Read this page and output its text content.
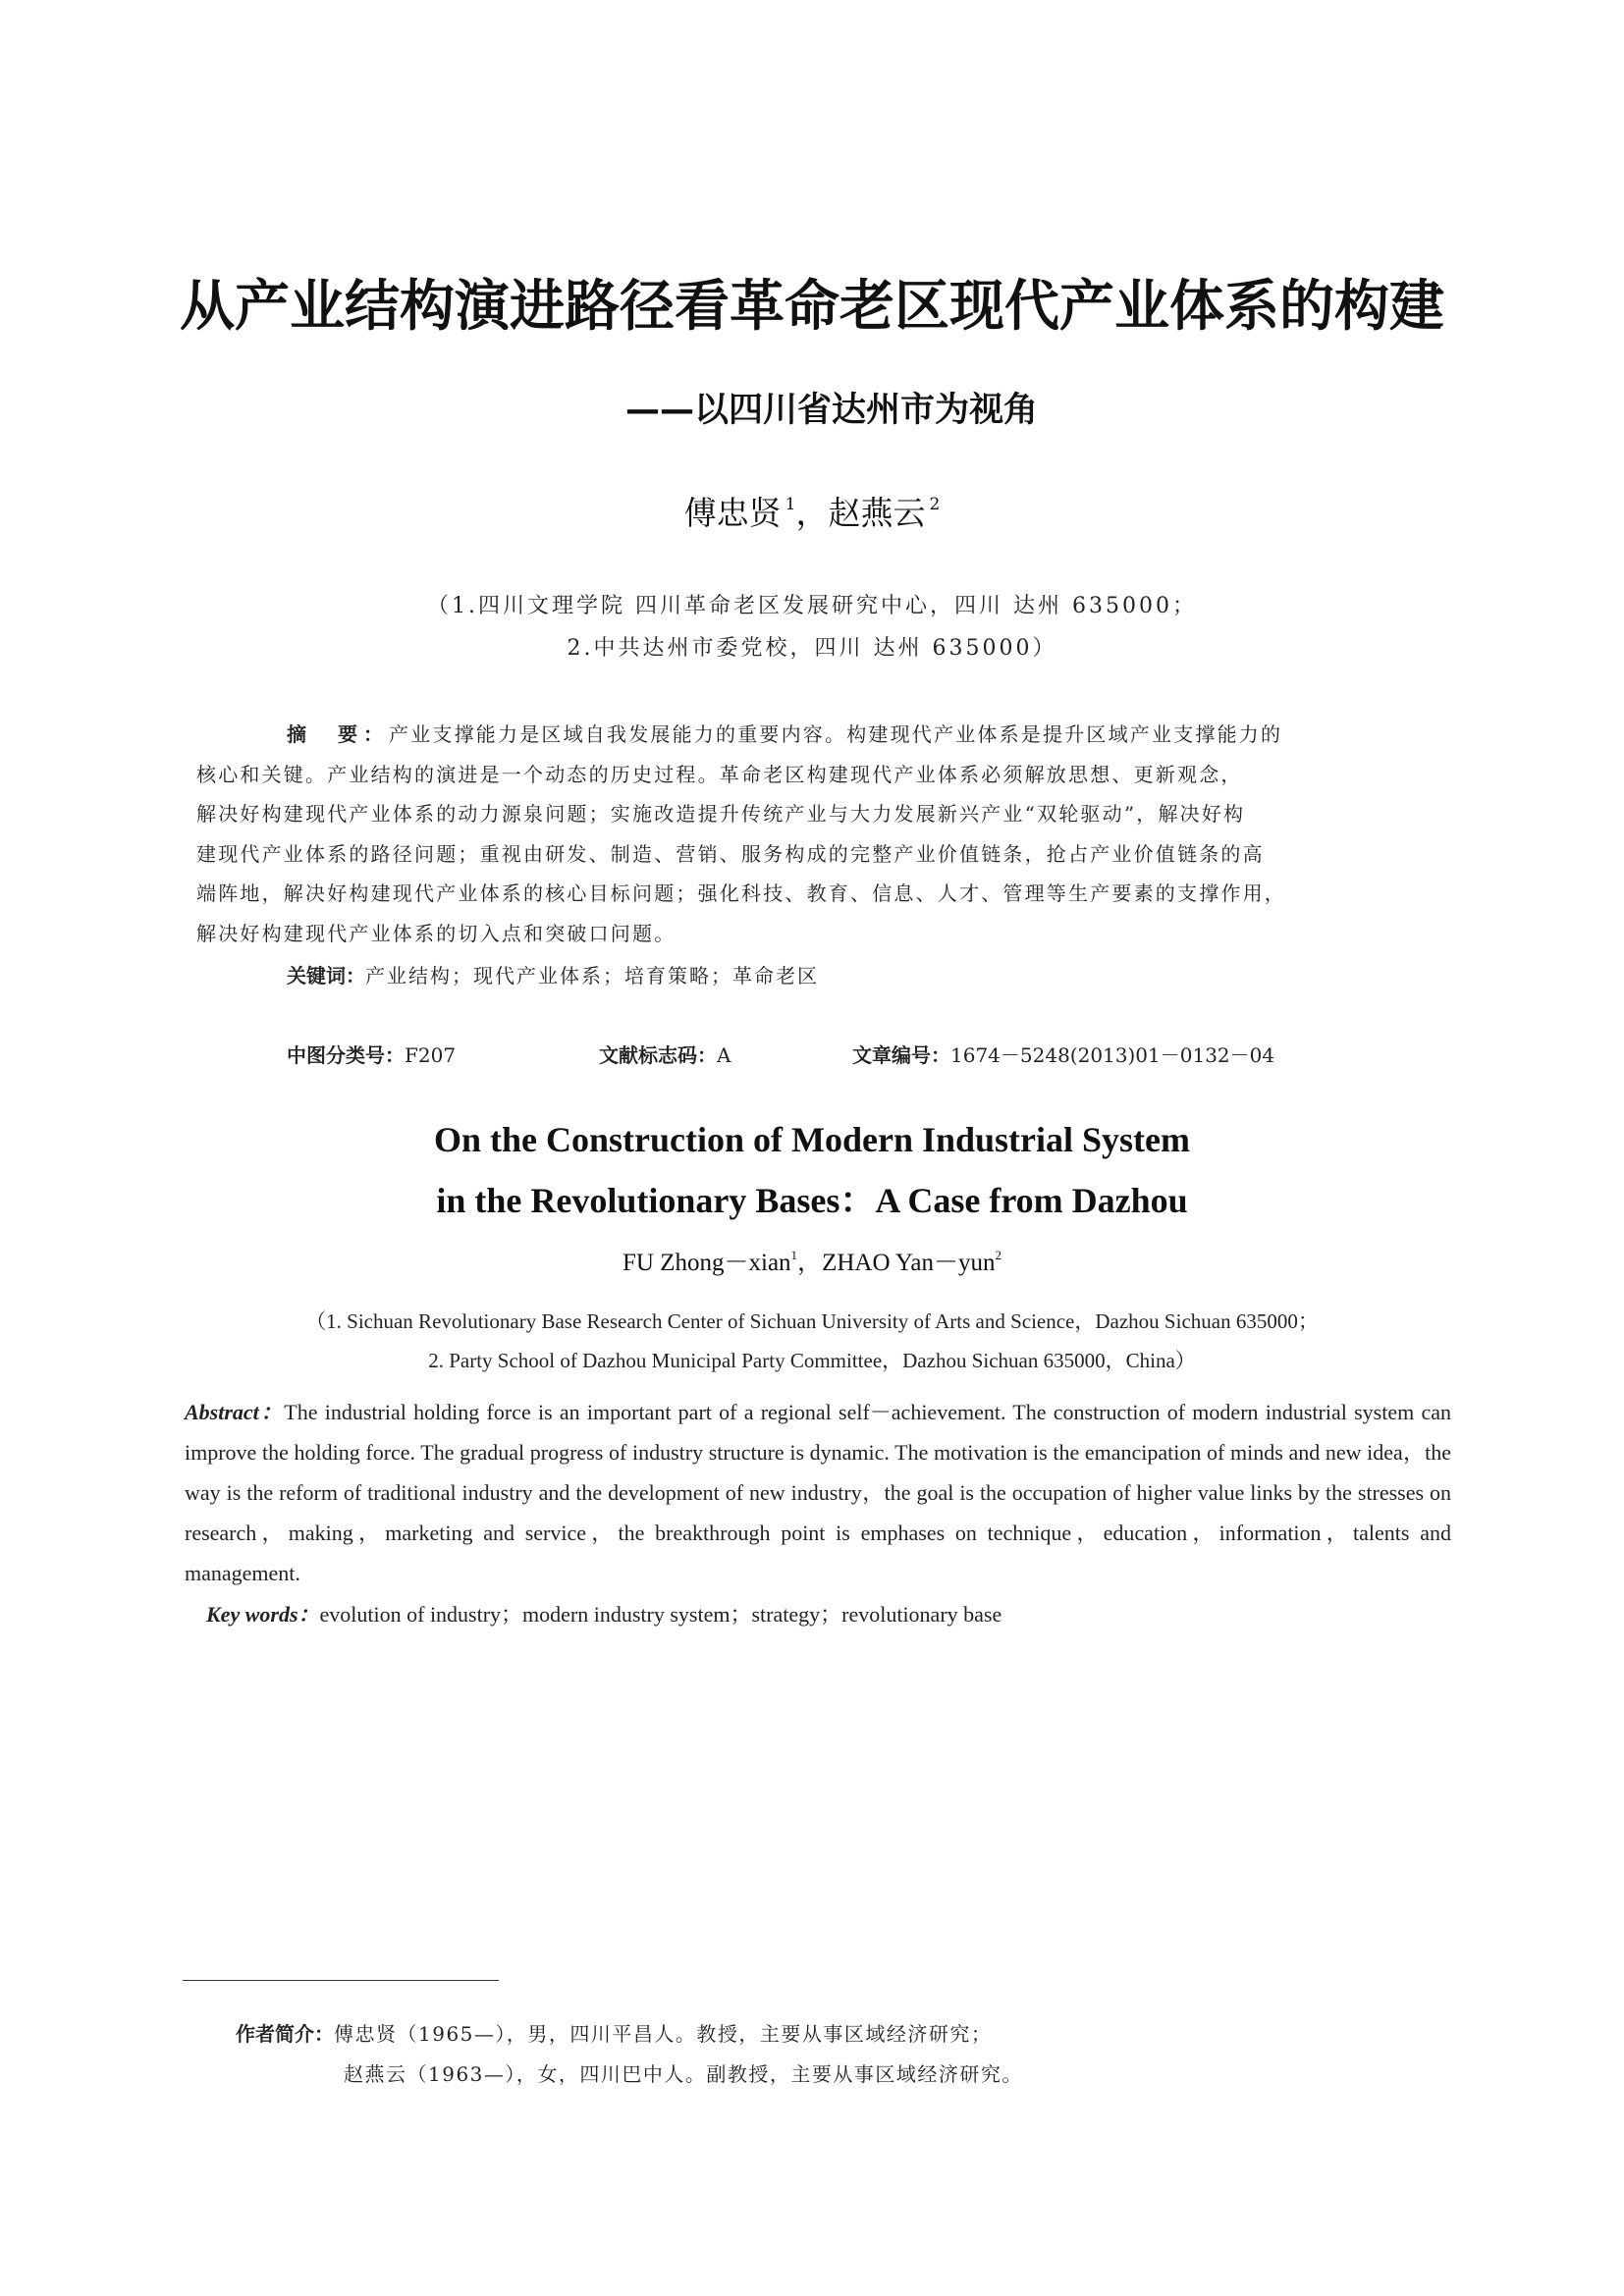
从产业结构演进路径看革命老区现代产业体系的构建
——以四川省达州市为视角
傅忠贤 $^1$，赵燕云 $^2$
（1.四川文理学院 四川革命老区发展研究中心，四川 达州 635000；
2.中共达州市委党校，四川 达州 635000）
摘　要：产业支撑能力是区域自我发展能力的重要内容。构建现代产业体系是提升区域产业支撑能力的
核心和关键。产业结构的演进是一个动态的历史过程。革命老区构建现代产业体系必须解放思想、更新观念，
解决好构建现代产业体系的动力源泉问题；实施改造提升传统产业与大力发展新兴产业“双轮驱动”，解决好构
建现代产业体系的路径问题；重视由研发、制造、营销、服务构成的完整产业价值链条，抢占产业价值链条的高
端阵地，解决好构建现代产业体系的核心目标问题；强化科技、教育、信息、人才、管理等生产要素的支撑作用，
解决好构建现代产业体系的切入点和突破口问题。
关键词：产业结构；现代产业体系；培育策略；革命老区
中图分类号：F207	文献标志码：A	文章编号：1674－5248(2013)01－0132－04
On the Construction of Modern Industrial System
in the Revolutionary Bases：A Case from Dazhou
FU Zhong－xian$^1$，ZHAO Yan－yun$^2$
（1. Sichuan Revolutionary Base Research Center of Sichuan University of Arts and Science，Dazhou Sichuan 635000；
2. Party School of Dazhou Municipal Party Committee，Dazhou Sichuan 635000，China）
Abstract：The industrial holding force is an important part of a regional self－achievement. The construction of modern industrial system can improve the holding force. The gradual progress of industry structure is dynamic. The motivation is the emancipation of minds and new idea，the way is the reform of traditional industry and the development of new industry，the goal is the occupation of higher value links by the stresses on research，making，marketing and service，the breakthrough point is emphases on technique，education，information，talents and management.
Key words：evolution of industry；modern industry system；strategy；revolutionary base
作者简介：傅忠贤（1965—），男，四川平昌人。教授，主要从事区域经济研究；
赵燕云（1963—），女，四川巴中人。副教授，主要从事区域经济研究。
